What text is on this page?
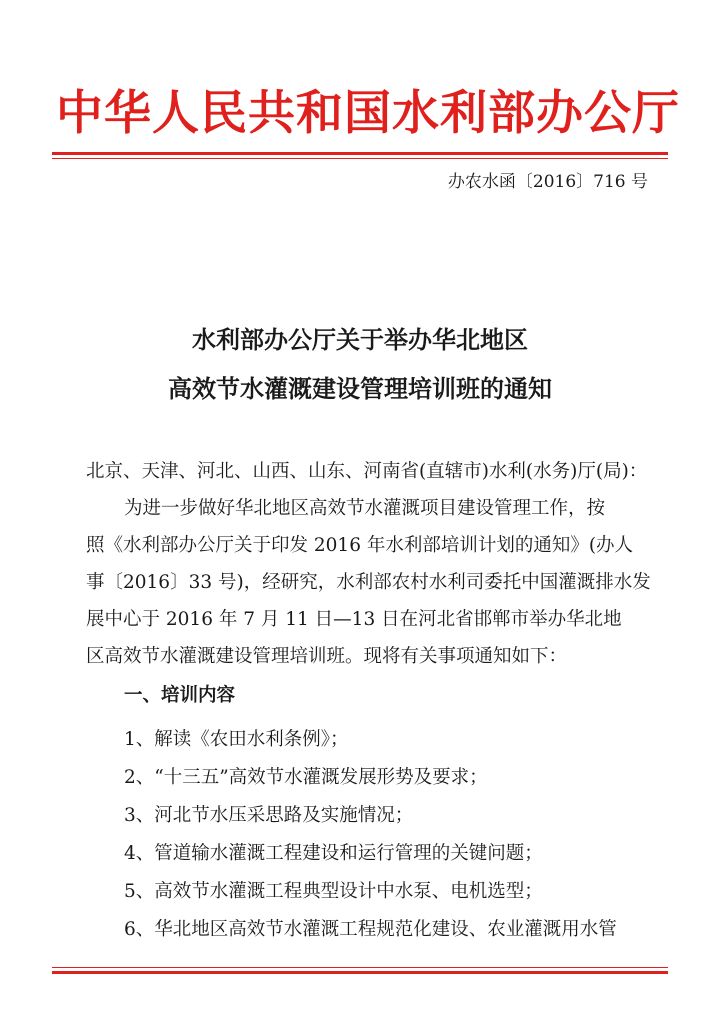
中华人民共和国水利部办公厅
办农水函〔2016〕716 号
水利部办公厅关于举办华北地区
高效节水灌溉建设管理培训班的通知
北京、天津、河北、山西、山东、河南省(直辖市)水利(水务)厅(局)：
为进一步做好华北地区高效节水灌溉项目建设管理工作，按
照《水利部办公厅关于印发 2016 年水利部培训计划的通知》(办人
事〔2016〕33 号)，经研究，水利部农村水利司委托中国灌溉排水发
展中心于 2016 年 7 月 11 日—13 日在河北省邯郸市举办华北地
区高效节水灌溉建设管理培训班。现将有关事项通知如下：
一、培训内容
1、解读《农田水利条例》；
2、“十三五”高效节水灌溉发展形势及要求；
3、河北节水压采思路及实施情况；
4、管道输水灌溉工程建设和运行管理的关键问题；
5、高效节水灌溉工程典型设计中水泵、电机选型；
6、华北地区高效节水灌溉工程规范化建设、农业灌溉用水管
